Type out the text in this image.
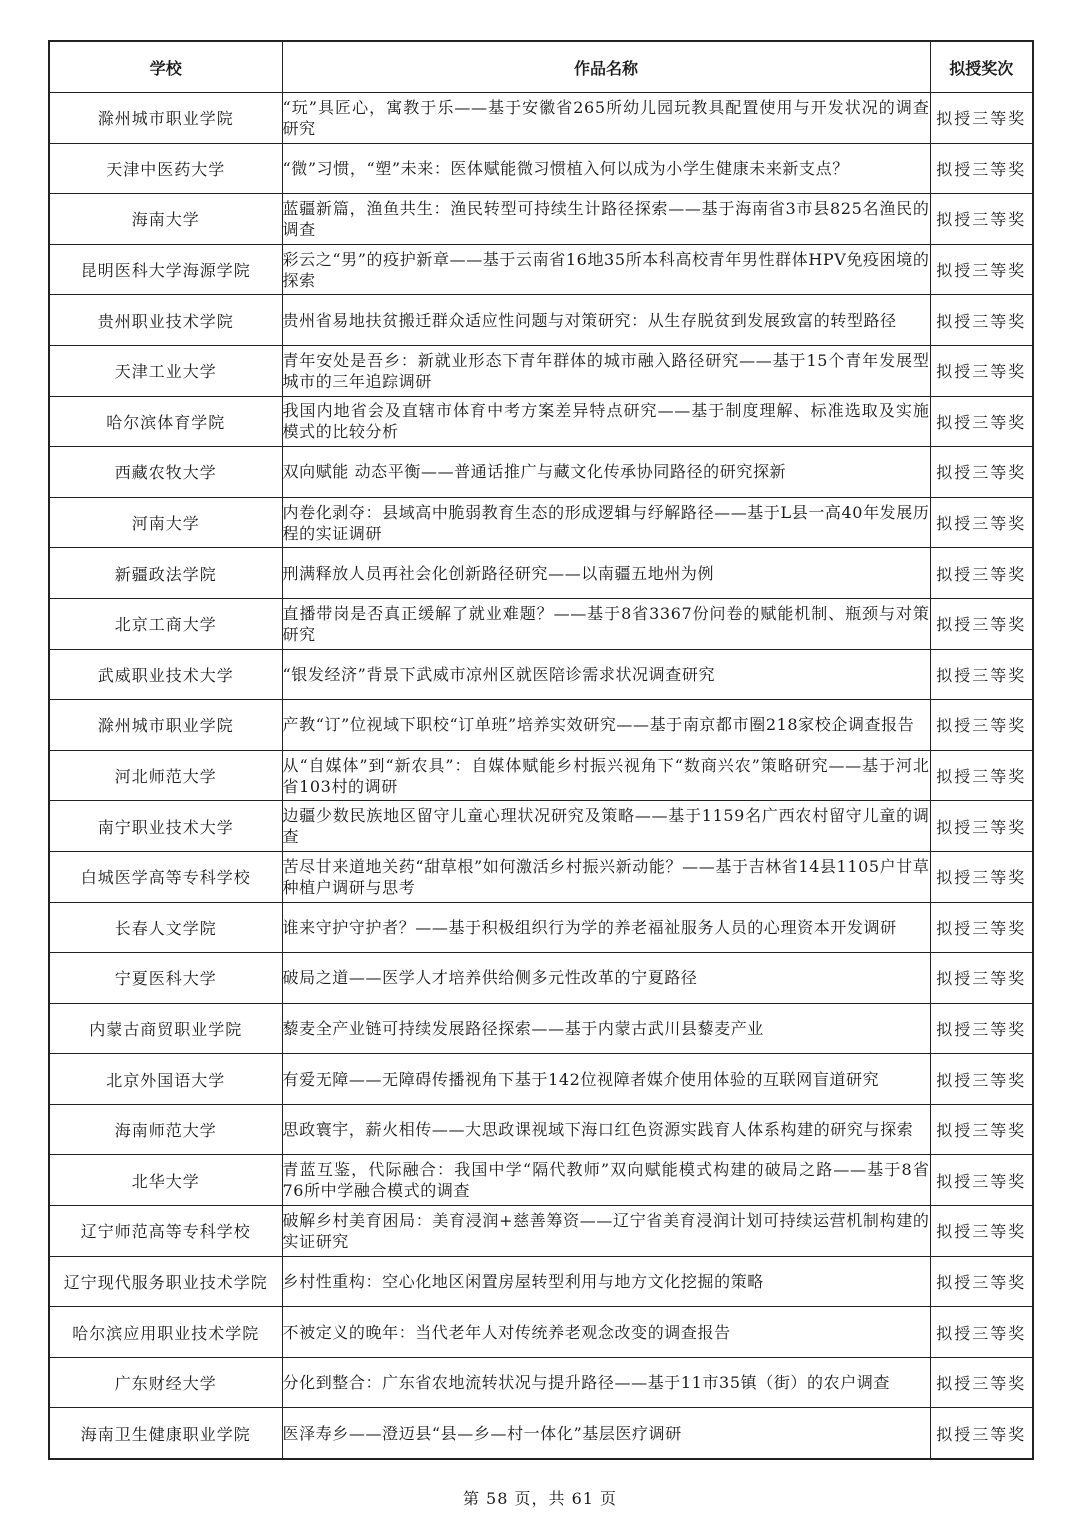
学校	作品名称	拟授奖次
滁州城市职业学院	“玩”具匠心，寓教于乐——基于安徽省265所幼儿园玩教具配置使用与开发状况的调查研究	拟授三等奖
天津中医药大学	“微”习惯，“塑”未来：医体赋能微习惯植入何以成为小学生健康未来新支点？	拟授三等奖
海南大学	蓝疆新篇，渔鱼共生：渔民转型可持续生计路径探索——基于海南省3市县825名渔民的调查	拟授三等奖
昆明医科大学海源学院	彩云之“男”的疫护新章——基于云南省16地35所本科高校青年男性群体HPV免疫困境的探索	拟授三等奖
贵州职业技术学院	贵州省易地扶贫搬迁群众适应性问题与对策研究：从生存脱贫到发展致富的转型路径	拟授三等奖
天津工业大学	青年安处是吾乡：新就业形态下青年群体的城市融入路径研究——基于15个青年发展型城市的三年追踪调研	拟授三等奖
哈尔滨体育学院	我国内地省会及直辖市体育中考方案差异特点研究——基于制度理解、标准选取及实施模式的比较分析	拟授三等奖
西藏农牧大学	双向赋能 动态平衡——普通话推广与藏文化传承协同路径的研究探新	拟授三等奖
河南大学	内卷化剥夺：县域高中脆弱教育生态的形成逻辑与纾解路径——基于L县一高40年发展历程的实证调研	拟授三等奖
新疆政法学院	刑满释放人员再社会化创新路径研究——以南疆五地州为例	拟授三等奖
北京工商大学	直播带岗是否真正缓解了就业难题？——基于8省3367份问卷的赋能机制、瓶颈与对策研究	拟授三等奖
武威职业技术大学	“银发经济”背景下武威市凉州区就医陪诊需求状况调查研究	拟授三等奖
滁州城市职业学院	产教“订”位视域下职校“订单班”培养实效研究——基于南京都市圈218家校企调查报告	拟授三等奖
河北师范大学	从“自媒体”到“新农具”：自媒体赋能乡村振兴视角下“数商兴农”策略研究——基于河北省103村的调研	拟授三等奖
南宁职业技术大学	边疆少数民族地区留守儿童心理状况研究及策略——基于1159名广西农村留守儿童的调查	拟授三等奖
白城医学高等专科学校	苦尽甘来道地关药“甜草根”如何激活乡村振兴新动能？——基于吉林省14县1105户甘草种植户调研与思考	拟授三等奖
长春人文学院	谁来守护守护者？——基于积极组织行为学的养老福祉服务人员的心理资本开发调研	拟授三等奖
宁夏医科大学	破局之道——医学人才培养供给侧多元性改革的宁夏路径	拟授三等奖
内蒙古商贸职业学院	藜麦全产业链可持续发展路径探索——基于内蒙古武川县藜麦产业	拟授三等奖
北京外国语大学	有爱无障——无障碍传播视角下基于142位视障者媒介使用体验的互联网盲道研究	拟授三等奖
海南师范大学	思政寰宇，薪火相传——大思政课视域下海口红色资源实践育人体系构建的研究与探索	拟授三等奖
北华大学	青蓝互鉴，代际融合：我国中学“隔代教师”双向赋能模式构建的破局之路——基于8省76所中学融合模式的调查	拟授三等奖
辽宁师范高等专科学校	破解乡村美育困局：美育浸润+慈善筹资——辽宁省美育浸润计划可持续运营机制构建的实证研究	拟授三等奖
辽宁现代服务职业技术学院	乡村性重构：空心化地区闲置房屋转型利用与地方文化挖掘的策略	拟授三等奖
哈尔滨应用职业技术学院	不被定义的晚年：当代老年人对传统养老观念改变的调查报告	拟授三等奖
广东财经大学	分化到整合：广东省农地流转状况与提升路径——基于11市35镇（街）的农户调查	拟授三等奖
海南卫生健康职业学院	医泽寿乡——澄迈县“县—乡—村一体化”基层医疗调研	拟授三等奖
第 58 页，共 61 页
